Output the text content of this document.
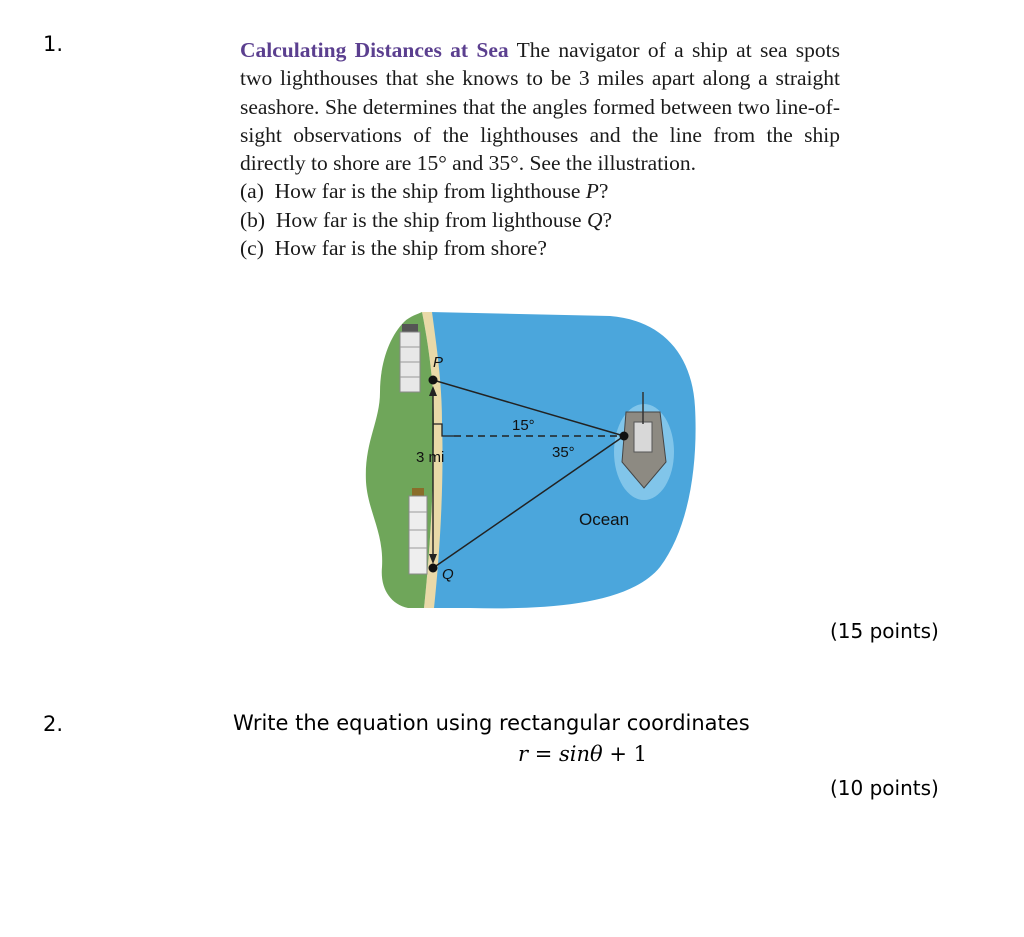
1.	Calculating Distances at Sea The navigator of a ship at sea spots two lighthouses that she knows to be 3 miles apart along a straight seashore. She determines that the angles formed between two line-of-sight observations of the lighthouses and the line from the ship directly to shore are 15° and 35°. See the illustration.
(a) How far is the ship from lighthouse P?
(b) How far is the ship from lighthouse Q?
(c) How far is the ship from shore?
P
Q
3 mi
15°
35°
Ocean
(15 points)
2.	Write the equation using rectangular coordinates
r = sinθ + 1
(10 points)
